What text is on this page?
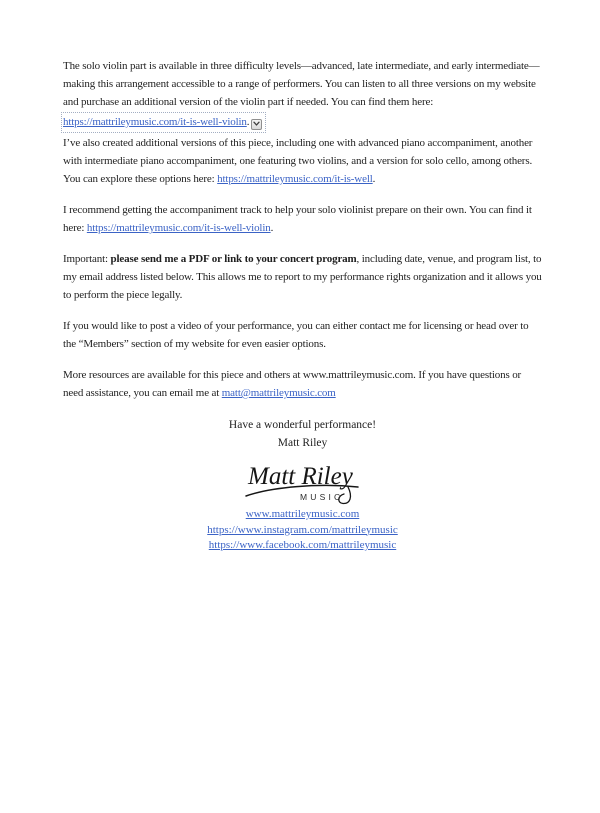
The solo violin part is available in three difficulty levels—advanced, late intermediate, and early intermediate—making this arrangement accessible to a range of performers. You can listen to all three versions on my website and purchase an additional version of the violin part if needed. You can find them here:
https://mattrileymusic.com/it-is-well-violin.
I’ve also created additional versions of this piece, including one with advanced piano accompaniment, another with intermediate piano accompaniment, one featuring two violins, and a version for solo cello, among others. You can explore these options here: https://mattrileymusic.com/it-is-well.
I recommend getting the accompaniment track to help your solo violinist prepare on their own. You can find it here: https://mattrileymusic.com/it-is-well-violin.
Important: please send me a PDF or link to your concert program, including date, venue, and program list, to my email address listed below. This allows me to report to my performance rights organization and it allows you to perform the piece legally.
If you would like to post a video of your performance, you can either contact me for licensing or head over to the “Members” section of my website for even easier options.
More resources are available for this piece and others at www.mattrileymusic.com. If you have questions or need assistance, you can email me at matt@mattrileymusic.com
Have a wonderful performance!
Matt Riley
Matt Riley
MUSIC
www.mattrileymusic.com
https://www.instagram.com/mattrileymusic
https://www.facebook.com/mattrileymusic
